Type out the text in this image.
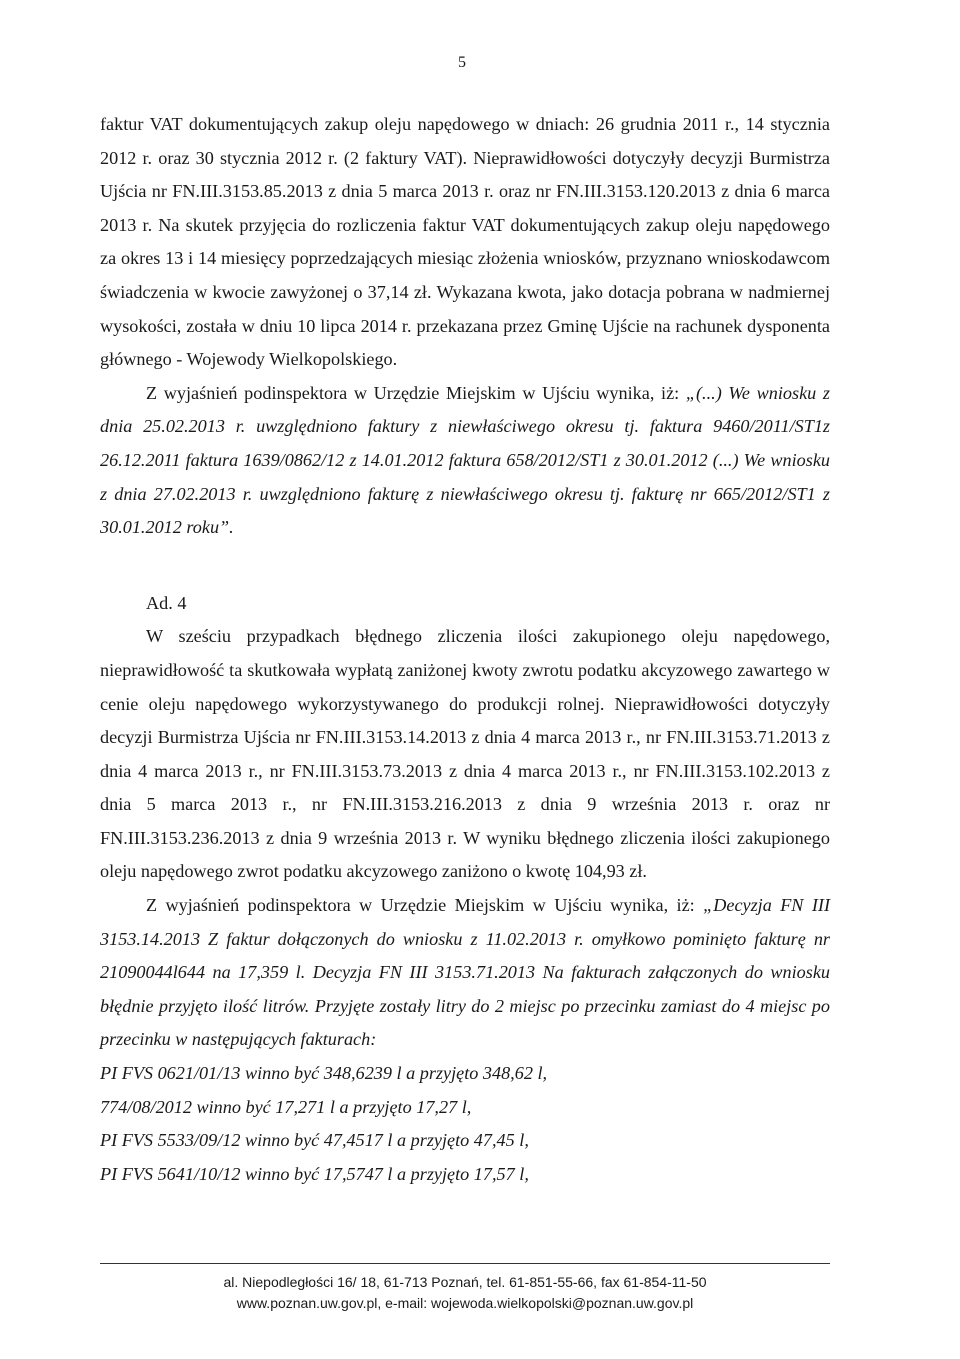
5

faktur VAT dokumentujących zakup oleju napędowego w dniach: 26 grudnia 2011 r., 14 stycznia 2012 r. oraz 30 stycznia 2012 r. (2 faktury VAT). Nieprawidłowości dotyczyły decyzji Burmistrza Ujścia nr FN.III.3153.85.2013 z dnia 5 marca 2013 r. oraz nr FN.III.3153.120.2013 z dnia 6 marca 2013 r. Na skutek przyjęcia do rozliczenia faktur VAT dokumentujących zakup oleju napędowego za okres 13 i 14 miesięcy poprzedzających miesiąc złożenia wniosków, przyznano wnioskodawcom świadczenia w kwocie zawyżonej o 37,14 zł. Wykazana kwota, jako dotacja pobrana w nadmiernej wysokości, została w dniu 10 lipca 2014 r. przekazana przez Gminę Ujście na rachunek dysponenta głównego - Wojewody Wielkopolskiego.

Z wyjaśnień podinspektora w Urzędzie Miejskim w Ujściu wynika, iż: „(...) We wniosku z dnia 25.02.2013 r. uwzględniono faktury z niewłaściwego okresu tj. faktura 9460/2011/ST1z 26.12.2011 faktura 1639/0862/12 z 14.01.2012 faktura 658/2012/ST1 z 30.01.2012 (...) We wniosku z dnia 27.02.2013 r. uwzględniono fakturę z niewłaściwego okresu tj. fakturę nr 665/2012/ST1 z 30.01.2012 roku”.

Ad. 4

W sześciu przypadkach błędnego zliczenia ilości zakupionego oleju napędowego, nieprawidłowość ta skutkowała wypłatą zaniżonej kwoty zwrotu podatku akcyzowego zawartego w cenie oleju napędowego wykorzystywanego do produkcji rolnej. Nieprawidłowości dotyczyły decyzji Burmistrza Ujścia nr FN.III.3153.14.2013 z dnia 4 marca 2013 r., nr FN.III.3153.71.2013 z dnia 4 marca 2013 r., nr FN.III.3153.73.2013 z dnia 4 marca 2013 r., nr FN.III.3153.102.2013 z dnia 5 marca 2013 r., nr FN.III.3153.216.2013 z dnia 9 września 2013 r. oraz nr FN.III.3153.236.2013 z dnia 9 września 2013 r. W wyniku błędnego zliczenia ilości zakupionego oleju napędowego zwrot podatku akcyzowego zaniżono o kwotę 104,93 zł.

Z wyjaśnień podinspektora w Urzędzie Miejskim w Ujściu wynika, iż: „Decyzja FN III 3153.14.2013 Z faktur dołączonych do wniosku z 11.02.2013 r. omyłkowo pominięto fakturę nr 21090044l644 na 17,359 l. Decyzja FN III 3153.71.2013 Na fakturach załączonych do wniosku błędnie przyjęto ilość litrów. Przyjęte zostały litry do 2 miejsc po przecinku zamiast do 4 miejsc po przecinku w następujących fakturach:

PI FVS 0621/01/13 winno być 348,6239 l a przyjęto 348,62 l,
774/08/2012 winno być 17,271 l a przyjęto 17,27 l,
PI FVS 5533/09/12 winno być 47,4517 l a przyjęto 47,45 l,
PI FVS 5641/10/12 winno być 17,5747 l a przyjęto 17,57 l,
al. Niepodległości 16/ 18, 61-713 Poznań, tel. 61-851-55-66, fax 61-854-11-50
www.poznan.uw.gov.pl, e-mail: wojewoda.wielkopolski@poznan.uw.gov.pl
